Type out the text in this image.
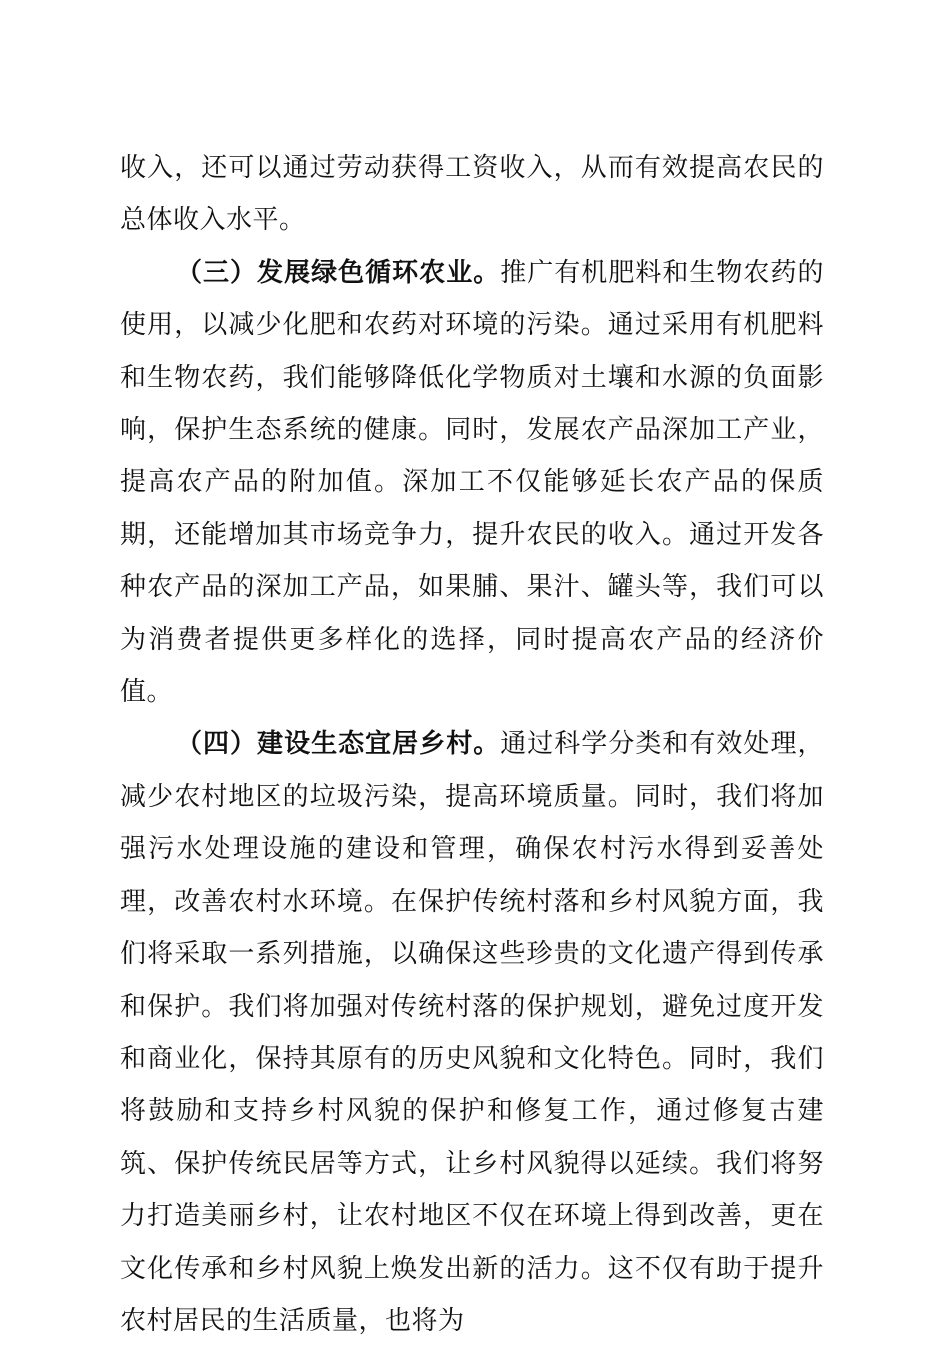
收入，还可以通过劳动获得工资收入，从而有效提高农民的总体收入水平。

（三）发展绿色循环农业。推广有机肥料和生物农药的使用，以减少化肥和农药对环境的污染。通过采用有机肥料和生物农药，我们能够降低化学物质对土壤和水源的负面影响，保护生态系统的健康。同时，发展农产品深加工产业，提高农产品的附加值。深加工不仅能够延长农产品的保质期，还能增加其市场竞争力，提升农民的收入。通过开发各种农产品的深加工产品，如果脯、果汁、罐头等，我们可以为消费者提供更多样化的选择，同时提高农产品的经济价值。

（四）建设生态宜居乡村。通过科学分类和有效处理，减少农村地区的垃圾污染，提高环境质量。同时，我们将加强污水处理设施的建设和管理，确保农村污水得到妥善处理，改善农村水环境。在保护传统村落和乡村风貌方面，我们将采取一系列措施，以确保这些珍贵的文化遗产得到传承和保护。我们将加强对传统村落的保护规划，避免过度开发和商业化，保持其原有的历史风貌和文化特色。同时，我们将鼓励和支持乡村风貌的保护和修复工作，通过修复古建筑、保护传统民居等方式，让乡村风貌得以延续。我们将努力打造美丽乡村，让农村地区不仅在环境上得到改善，更在文化传承和乡村风貌上焕发出新的活力。这不仅有助于提升农村居民的生活质量，也将为
